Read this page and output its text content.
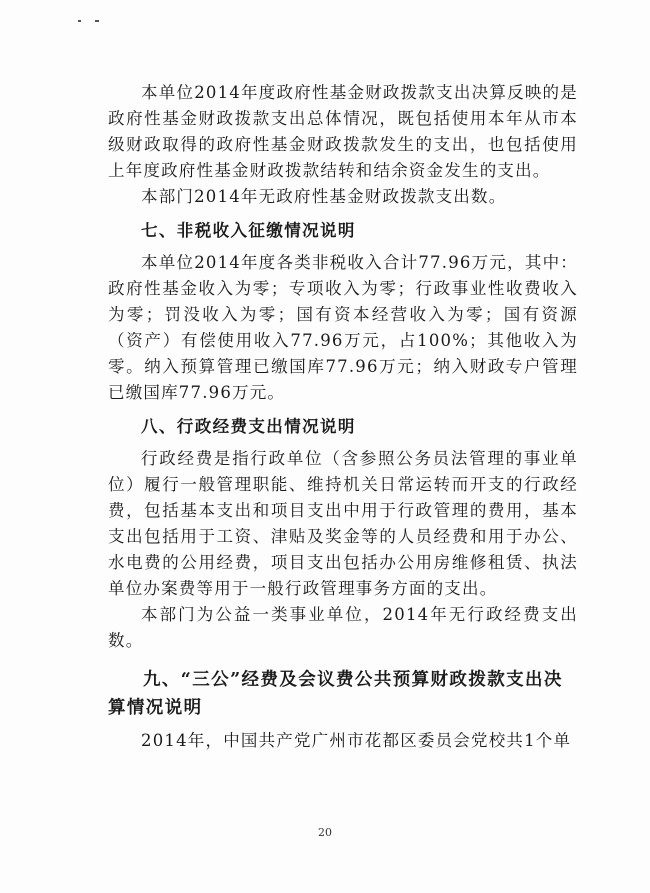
本单位2014年度政府性基金财政拨款支出决算反映的是政府性基金财政拨款支出总体情况，既包括使用本年从市本级财政取得的政府性基金财政拨款发生的支出，也包括使用上年度政府性基金财政拨款结转和结余资金发生的支出。

本部门2014年无政府性基金财政拨款支出数。

七、非税收入征缴情况说明

本单位2014年度各类非税收入合计77.96万元，其中：政府性基金收入为零；专项收入为零；行政事业性收费收入为零；罚没收入为零；国有资本经营收入为零；国有资源（资产）有偿使用收入77.96万元，占100%；其他收入为零。纳入预算管理已缴国库77.96万元；纳入财政专户管理已缴国库77.96万元。

八、行政经费支出情况说明

行政经费是指行政单位（含参照公务员法管理的事业单位）履行一般管理职能、维持机关日常运转而开支的行政经费，包括基本支出和项目支出中用于行政管理的费用，基本支出包括用于工资、津贴及奖金等的人员经费和用于办公、水电费的公用经费，项目支出包括办公用房维修租赁、执法单位办案费等用于一般行政管理事务方面的支出。

本部门为公益一类事业单位，2014年无行政经费支出数。

九、“三公”经费及会议费公共预算财政拨款支出决算情况说明

2014年，中国共产党广州市花都区委员会党校共1个单

20
